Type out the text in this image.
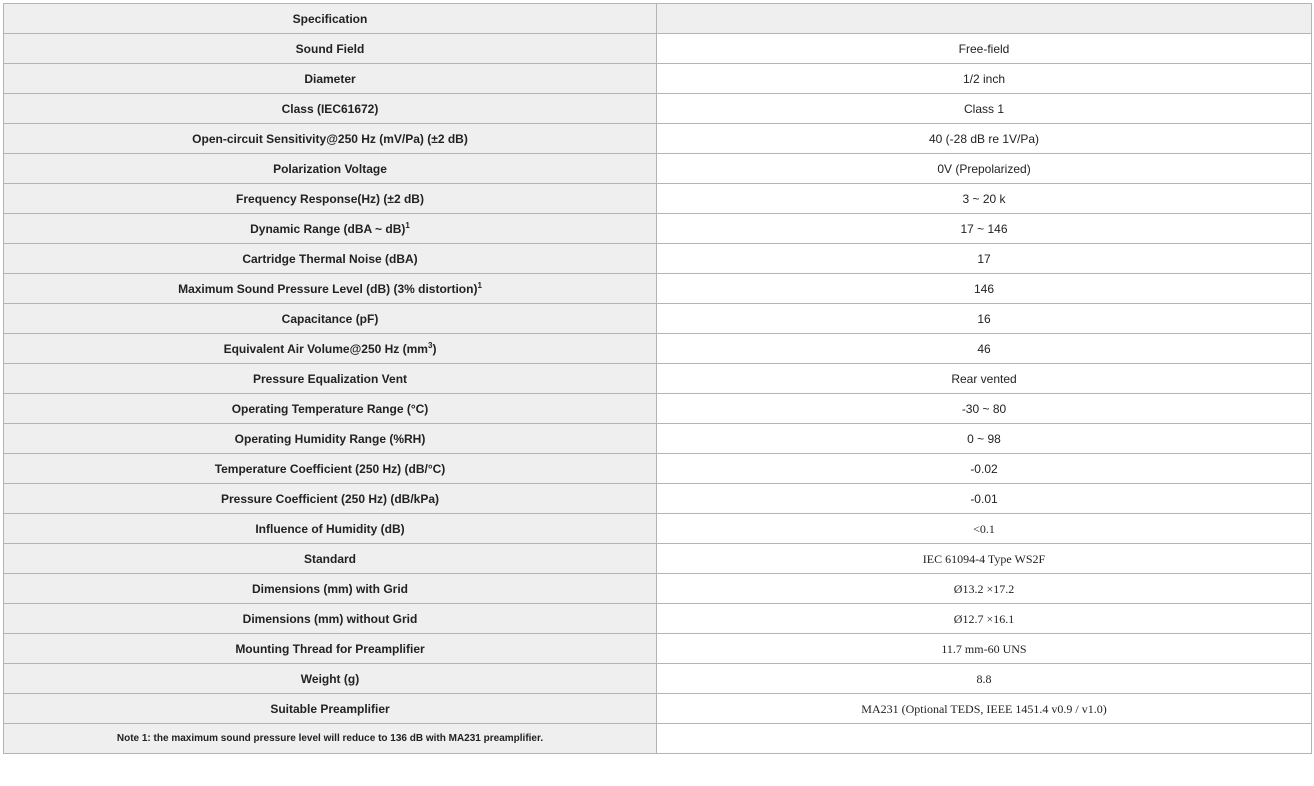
Specification	
Sound Field	Free-field
Diameter	1/2 inch
Class (IEC61672)	Class 1
Open-circuit Sensitivity@250 Hz (mV/Pa) (±2 dB)	40 (-28 dB re 1V/Pa)
Polarization Voltage	0V (Prepolarized)
Frequency Response(Hz) (±2 dB)	3 ~ 20 k
Dynamic Range (dBA ~ dB)$^1$	17 ~ 146
Cartridge Thermal Noise (dBA)	17
Maximum Sound Pressure Level (dB) (3% distortion)$^1$	146
Capacitance (pF)	16
Equivalent Air Volume@250 Hz $(mm^3)$	46
Pressure Equalization Vent	Rear vented
Operating Temperature Range (°C)	-30 ~ 80
Operating Humidity Range (%RH)	0 ~ 98
Temperature Coefficient (250 Hz) (dB/°C)	-0.02
Pressure Coefficient (250 Hz) (dB/kPa)	-0.01
Influence of Humidity (dB)	<0.1
Standard	IEC 61094-4 Type WS2F
Dimensions (mm) with Grid	Ø13.2 ×17.2
Dimensions (mm) without Grid	Ø12.7 ×16.1
Mounting Thread for Preamplifier	11.7 mm-60 UNS
Weight (g)	8.8
Suitable Preamplifier	MA231 (Optional TEDS, IEEE 1451.4 v0.9 / v1.0)
Note 1: the maximum sound pressure level will reduce to 136 dB with MA231 preamplifier.	
